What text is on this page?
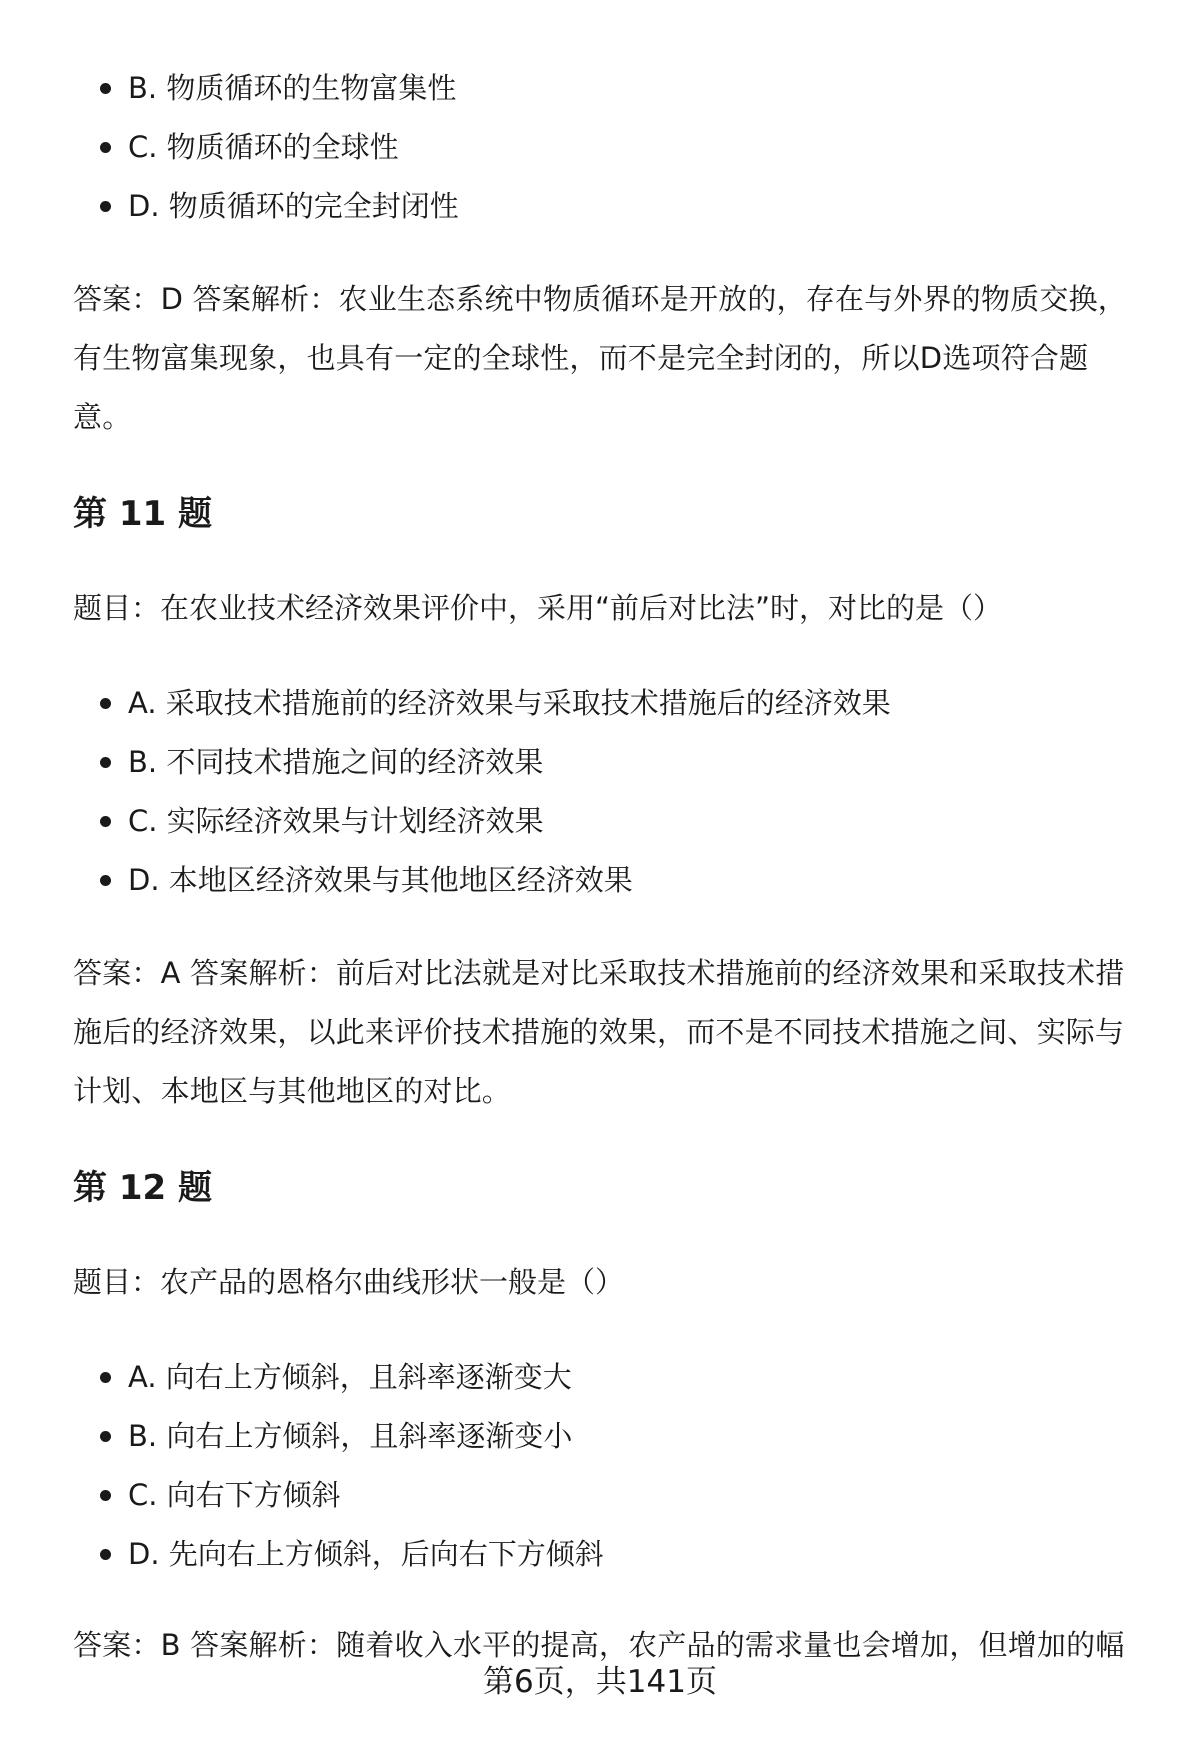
B. 物质循环的生物富集性
C. 物质循环的全球性
D. 物质循环的完全封闭性
答案：D 答案解析：农业生态系统中物质循环是开放的，存在与外界的物质交换，
有生物富集现象，也具有一定的全球性，而不是完全封闭的，所以D选项符合题
意。
第 11 题

题目：在农业技术经济效果评价中，采用“前后对比法”时，对比的是（）

A. 采取技术措施前的经济效果与采取技术措施后的经济效果
B. 不同技术措施之间的经济效果
C. 实际经济效果与计划经济效果
D. 本地区经济效果与其他地区经济效果
答案：A 答案解析：前后对比法就是对比采取技术措施前的经济效果和采取技术措
施后的经济效果，以此来评价技术措施的效果，而不是不同技术措施之间、实际与
计划、本地区与其他地区的对比。
第 12 题

题目：农产品的恩格尔曲线形状一般是（）

A. 向右上方倾斜，且斜率逐渐变大
B. 向右上方倾斜，且斜率逐渐变小
C. 向右下方倾斜
D. 先向右上方倾斜，后向右下方倾斜
答案：B 答案解析：随着收入水平的提高，农产品的需求量也会增加，但增加的幅
第6页，共141页
